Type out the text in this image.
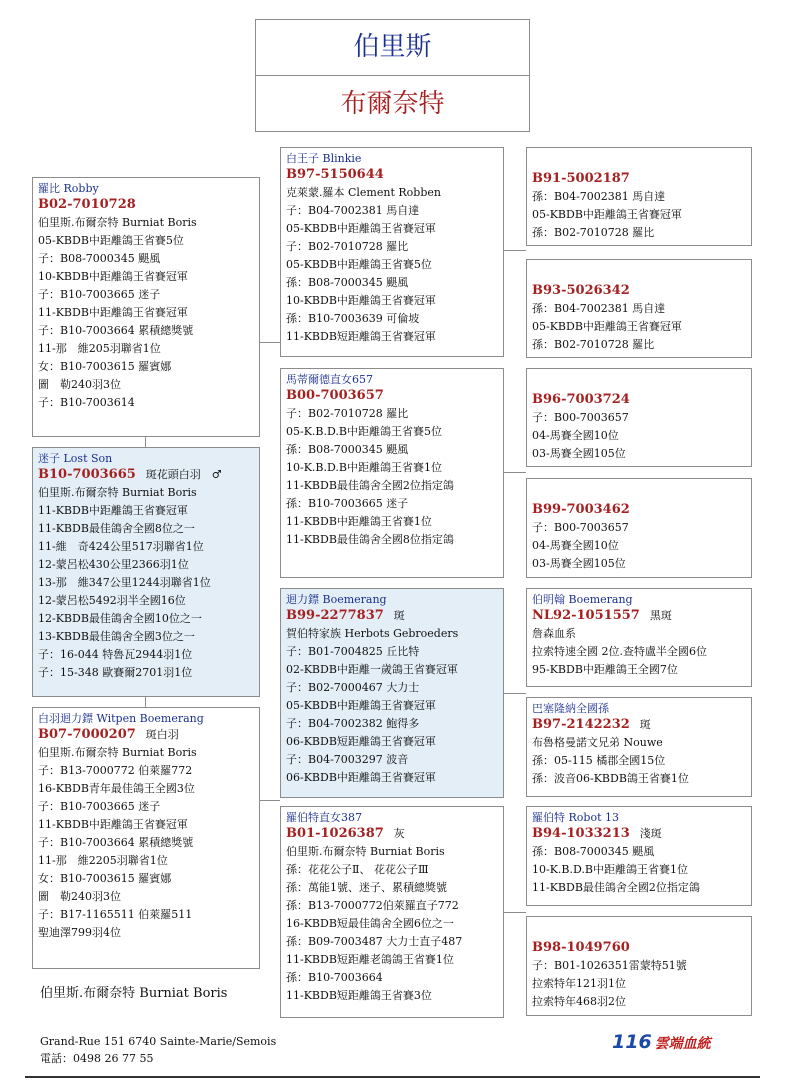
伯里斯
布爾奈特
羅比 Robby
B02-7010728
伯里斯.布爾奈特 Burniat Boris
05-KBDB中距離鴿王省賽5位
子：B08-7000345 颶風
10-KBDB中距離鴿王省賽冠軍
子：B10-7003665 迷子
11-KBDB中距離鴿王省賽冠軍
子：B10-7003664 累積總獎號
11-那　維205羽聯省1位
女：B10-7003615 羅賓娜
圖　勒240羽3位
子：B10-7003614
迷子 Lost Son
B10-7003665 斑花頭白羽　♂
伯里斯.布爾奈特 Burniat Boris
11-KBDB中距離鴿王省賽冠軍
11-KBDB最佳鴿舍全國8位之一
11-維　奇424公里517羽聯省1位
12-蒙呂松430公里2366羽1位
13-那　維347公里1244羽聯省1位
12-蒙呂松5492羽半全國16位
12-KBDB最佳鴿舍全國10位之一
13-KBDB最佳鴿舍全國3位之一
子：16-044 特魯瓦2944羽1位
子：15-348 歐賽爾2701羽1位
白羽迴力鏢 Witpen Boemerang
B07-7000207 斑白羽
伯里斯.布爾奈特 Burniat Boris
子：B13-7000772 伯萊羅772
16-KBDB青年最佳鴿王全國3位
子：B10-7003665 迷子
11-KBDB中距離鴿王省賽冠軍
子：B10-7003664 累積總獎號
11-那　維2205羽聯省1位
女：B10-7003615 羅賓娜
圖　勒240羽3位
子：B17-1165511 伯萊羅511
聖迪澤799羽4位
白王子 Blinkie
B97-5150644
克萊蒙.羅本 Clement Robben
子：B04-7002381 馬自達
05-KBDB中距離鴿王省賽冠軍
子：B02-7010728 羅比
05-KBDB中距離鴿王省賽5位
孫：B08-7000345 颶風
10-KBDB中距離鴿王省賽冠軍
孫：B10-7003639 可倫坡
11-KBDB短距離鴿王省賽冠軍
馬蒂爾德直女657
B00-7003657
子：B02-7010728 羅比
05-K.B.D.B中距離鴿王省賽5位
孫：B08-7000345 颶風
10-K.B.D.B中距離鴿王省賽1位
11-KBDB最佳鴿舍全國2位指定鴿
孫：B10-7003665 迷子
11-KBDB中距離鴿王省賽1位
11-KBDB最佳鴿舍全國8位指定鴿
迴力鏢 Boemerang
B99-2277837 斑
賀伯特家族 Herbots Gebroeders
子：B01-7004825 丘比特
02-KBDB中距離一歲鴿王省賽冠軍
子：B02-7000467 大力士
05-KBDB中距離鴿王省賽冠軍
子：B04-7002382 鮑得多
06-KBDB短距離鴿王省賽冠軍
子：B04-7003297 波音
06-KBDB中距離鴿王省賽冠軍
羅伯特直女387
B01-1026387 灰
伯里斯.布爾奈特 Burniat Boris
孫：花花公子Ⅱ、 花花公子Ⅲ
孫：萬能1號、迷子、累積總獎號
孫：B13-7000772伯萊羅直子772
16-KBDB短最佳鴿舍全國6位之一
孫：B09-7003487 大力士直子487
11-KBDB短距離老鴿鴿王省賽1位
孫：B10-7003664
11-KBDB短距離鴿王省賽3位
B91-5002187
孫：B04-7002381 馬自達
05-KBDB中距離鴿王省賽冠軍
孫：B02-7010728 羅比
B93-5026342
孫：B04-7002381 馬自達
05-KBDB中距離鴿王省賽冠軍
孫：B02-7010728 羅比
B96-7003724
子：B00-7003657
04-馬賽全國10位
03-馬賽全國105位
B99-7003462
子：B00-7003657
04-馬賽全國10位
03-馬賽全國105位
伯明翰 Boemerang
NL92-1051557 黑斑
詹森血系
拉索特速全國 2位.查特盧半全國6位
95-KBDB中距離鴿王全國7位
巴塞隆納全國孫
B97-2142232 斑
布魯格曼諾文兄弟 Nouwe
孫：05-115 橘郡全國15位
孫：波音06-KBDB鴿王省賽1位
羅伯特 Robot 13
B94-1033213 淺斑
孫：B08-7000345 颶風
10-K.B.D.B中距離鴿王省賽1位
11-KBDB最佳鴿舍全國2位指定鴿
B98-1049760
子：B01-1026351雷蒙特51號
拉索特年121羽1位
拉索特年468羽2位
伯里斯.布爾奈特 Burniat Boris
Grand-Rue 151 6740 Sainte-Marie/Semois
電話：0498 26 77 55
116 雲端血統
